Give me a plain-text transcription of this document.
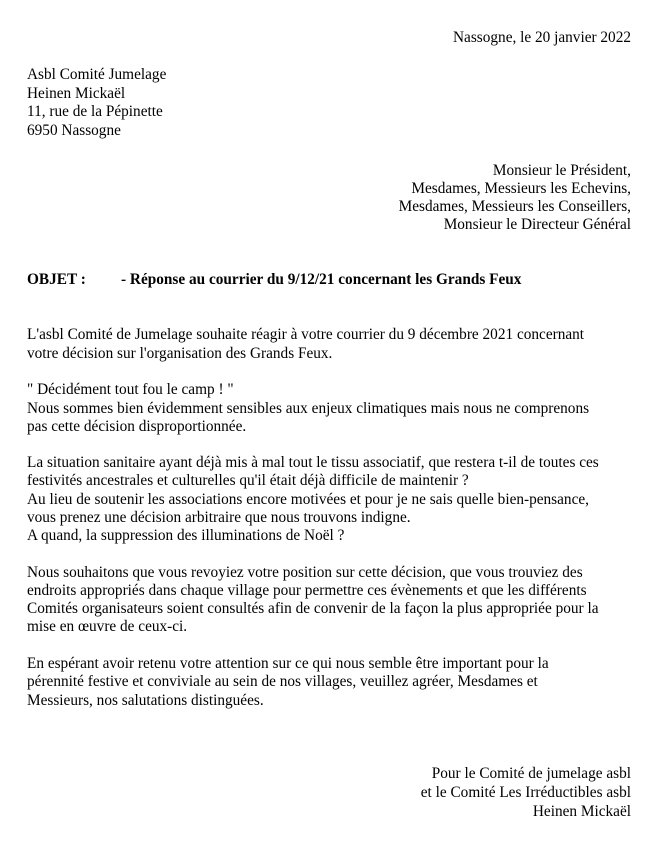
Nassogne, le 20 janvier 2022
Asbl Comité Jumelage
Heinen Mickaël
11, rue de la Pépinette
6950 Nassogne
Monsieur le Président,
Mesdames, Messieurs les Echevins,
Mesdames, Messieurs les Conseillers,
Monsieur le Directeur Général
OBJET : - Réponse au courrier du 9/12/21 concernant les Grands Feux
L'asbl Comité de Jumelage souhaite réagir à votre courrier du 9 décembre 2021 concernant
votre décision sur l'organisation des Grands Feux.
" Décidément tout fou le camp ! "
Nous sommes bien évidemment sensibles aux enjeux climatiques mais nous ne comprenons
pas cette décision disproportionnée.
La situation sanitaire ayant déjà mis à mal tout le tissu associatif, que restera t-il de toutes ces
festivités ancestrales et culturelles qu'il était déjà difficile de maintenir ?
Au lieu de soutenir les associations encore motivées et pour je ne sais quelle bien-pensance,
vous prenez une décision arbitraire que nous trouvons indigne.
A quand, la suppression des illuminations de Noël ?
Nous souhaitons que vous revoyiez votre position sur cette décision, que vous trouviez des
endroits appropriés dans chaque village pour permettre ces évènements et que les différents
Comités organisateurs soient consultés afin de convenir de la façon la plus appropriée pour la
mise en œuvre de ceux-ci.
En espérant avoir retenu votre attention sur ce qui nous semble être important pour la
pérennité festive et conviviale au sein de nos villages, veuillez agréer, Mesdames et
Messieurs, nos salutations distinguées.
Pour le Comité de jumelage asbl
et le Comité Les Irréductibles asbl
Heinen Mickaël
